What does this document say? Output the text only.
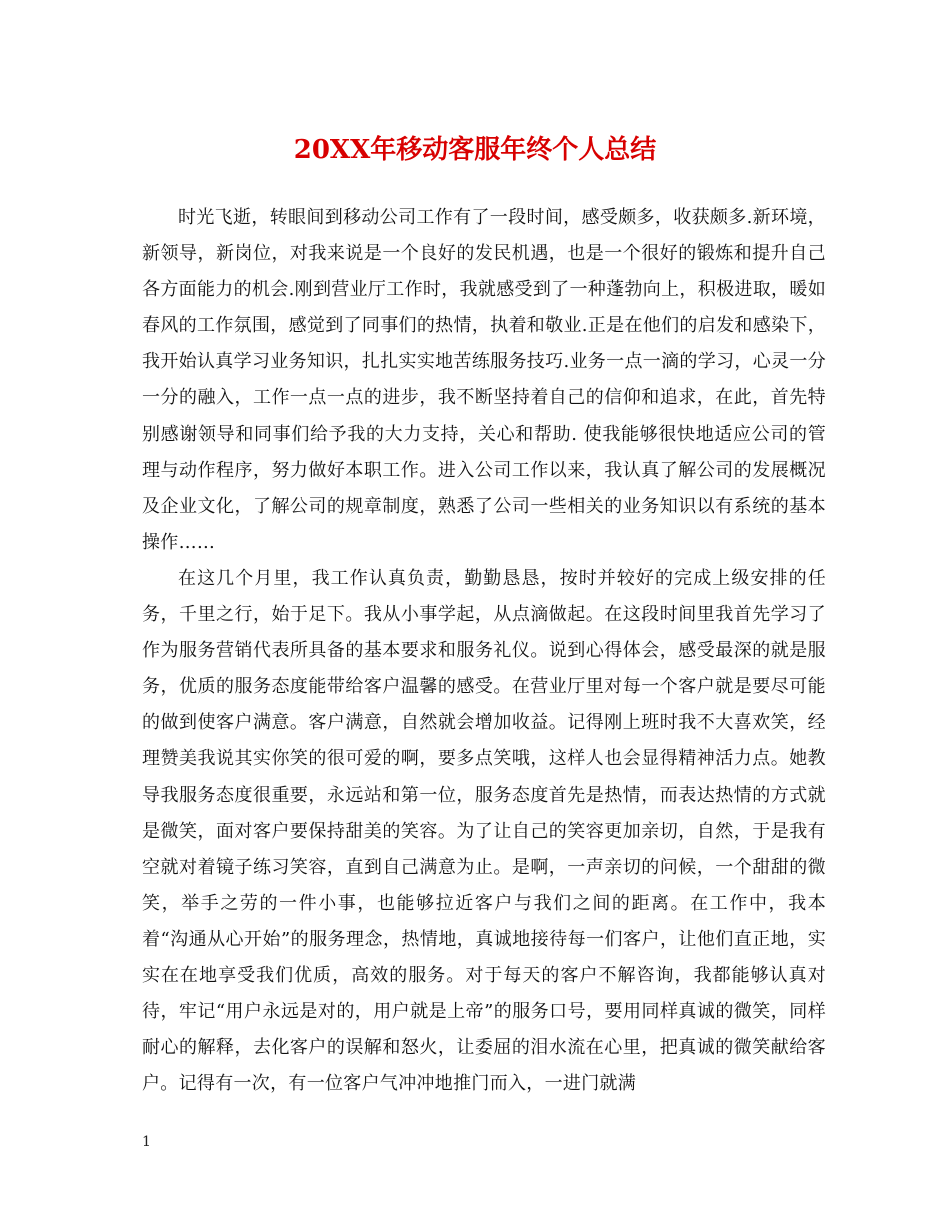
20XX年移动客服年终个人总结

时光飞逝，转眼间到移动公司工作有了一段时间，感受颇多，收获颇多.新环境，新领导，新岗位，对我来说是一个良好的发民机遇，也是一个很好的锻炼和提升自己各方面能力的机会.刚到营业厅工作时，我就感受到了一种蓬勃向上，积极进取，暖如春风的工作氛围，感觉到了同事们的热情，执着和敬业.正是在他们的启发和感染下，我开始认真学习业务知识，扎扎实实地苦练服务技巧.业务一点一滴的学习，心灵一分一分的融入，工作一点一点的进步，我不断坚持着自己的信仰和追求，在此，首先特别感谢领导和同事们给予我的大力支持，关心和帮助. 使我能够很快地适应公司的管理与动作程序，努力做好本职工作。进入公司工作以来，我认真了解公司的发展概况及企业文化，了解公司的规章制度，熟悉了公司一些相关的业务知识以有系统的基本操作……

在这几个月里，我工作认真负责，勤勤恳恳，按时并较好的完成上级安排的任务，千里之行，始于足下。我从小事学起，从点滴做起。在这段时间里我首先学习了作为服务营销代表所具备的基本要求和服务礼仪。说到心得体会，感受最深的就是服务，优质的服务态度能带给客户温馨的感受。在营业厅里对每一个客户就是要尽可能的做到使客户满意。客户满意，自然就会增加收益。记得刚上班时我不大喜欢笑，经理赞美我说其实你笑的很可爱的啊，要多点笑哦，这样人也会显得精神活力点。她教导我服务态度很重要，永远站和第一位，服务态度首先是热情，而表达热情的方式就是微笑，面对客户要保持甜美的笑容。为了让自己的笑容更加亲切，自然，于是我有空就对着镜子练习笑容，直到自己满意为止。是啊，一声亲切的问候，一个甜甜的微笑，举手之劳的一件小事，也能够拉近客户与我们之间的距离。在工作中，我本着“沟通从心开始”的服务理念，热情地，真诚地接待每一们客户，让他们直正地，实实在在地享受我们优质，高效的服务。对于每天的客户不解咨询，我都能够认真对待，牢记“用户永远是对的，用户就是上帝”的服务口号，要用同样真诚的微笑，同样耐心的解释，去化客户的误解和怒火，让委屈的泪水流在心里，把真诚的微笑献给客户。记得有一次，有一位客户气冲冲地推门而入，一进门就满

1
